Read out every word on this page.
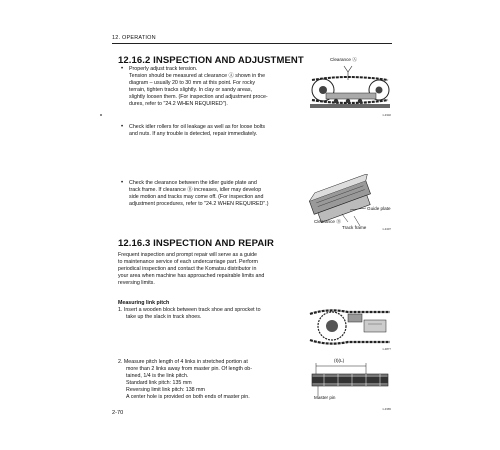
12. OPERATION
12.16.2 INSPECTION AND ADJUSTMENT
• Properly adjust track tension.
Tension should be measured at clearance Ⓐ shown in the
diagram – usually 20 to 30 mm at this point. For rocky
terrain, tighten tracks slightly. In clay or sandy areas,
slightly loosen them. (For inspection and adjustment proce-
dures, refer to "24.2 WHEN REQUIRED").
• Check idler rollers for oil leakage as well as for loose bolts
and nuts. If any trouble is detected, repair immediately.
• Check the clearance between the idler guide plate and
track frame. If clearance Ⓑ increases, idler may develop
side motion and tracks may come off. (For inspection and
adjustment procedures, refer to "24.2 WHEN REQUIRED".)
12.16.3 INSPECTION AND REPAIR
Frequent inspection and prompt repair will serve as a guide
to maintenance service of each undercarriage part. Perform
periodical inspection and contact the Komatsu distributor in
your area when machine has approached repairable limits and
reversing limits.
Measuring link pitch
1. Insert a wooden block between track shoe and sprocket to
take up the slack in track shoes.
2. Measure pitch length of 4 links in stretched portion at
more than 2 links away from master pin. Of length ob-
tained, 1/4 is the link pitch.
Standard link pitch: 135 mm
Reversing limit link pitch: 138 mm
A center hole is provided on both ends of master pin.
Clearance Ⓐ
1-3332
Guide plate
Clearance Ⓑ
Track frame	1-3407
1-3877
(ℓ)(L)
Master pin
1-3365
2-70
